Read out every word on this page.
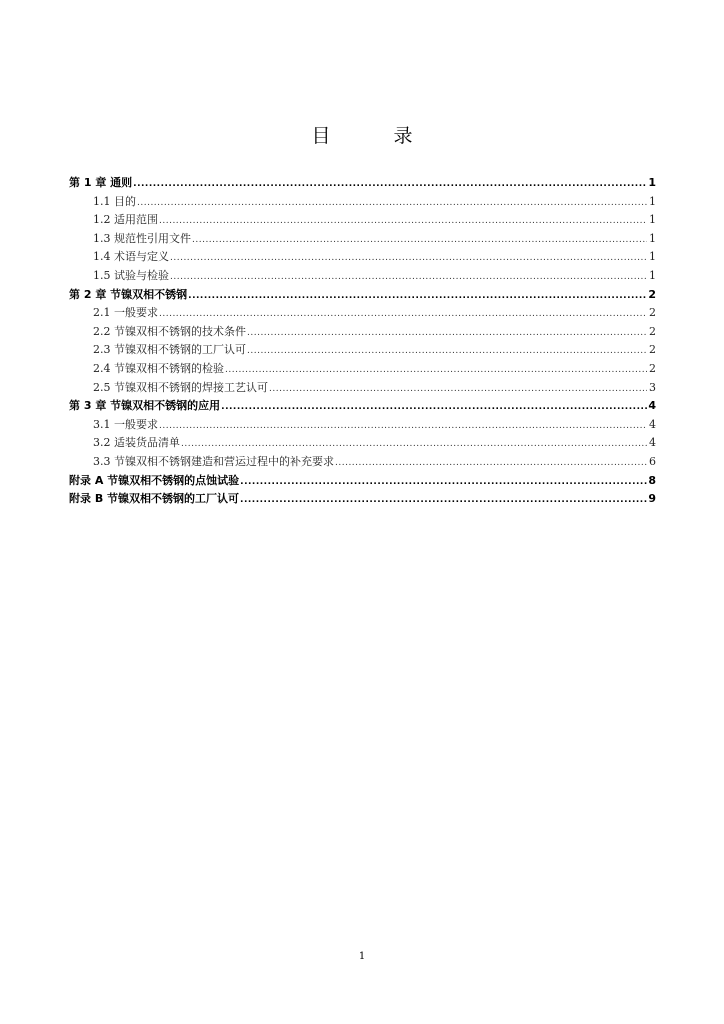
目　录
第 1 章 通则 .....	1
1.1 目的 .....	1
1.2 适用范围 .....	1
1.3 规范性引用文件 .....	1
1.4 术语与定义 .....	1
1.5 试验与检验 .....	1
第 2 章 节镍双相不锈钢 .....	2
2.1 一般要求 .....	2
2.2 节镍双相不锈钢的技术条件 .....	2
2.3 节镍双相不锈钢的工厂认可 .....	2
2.4 节镍双相不锈钢的检验 .....	2
2.5 节镍双相不锈钢的焊接工艺认可 .....	3
第 3 章 节镍双相不锈钢的应用 .....	4
3.1 一般要求 .....	4
3.2 适装货品清单 .....	4
3.3 节镍双相不锈钢建造和营运过程中的补充要求 .....	6
附录 A 节镍双相不锈钢的点蚀试验 .....	8
附录 B 节镍双相不锈钢的工厂认可 .....	9
1
